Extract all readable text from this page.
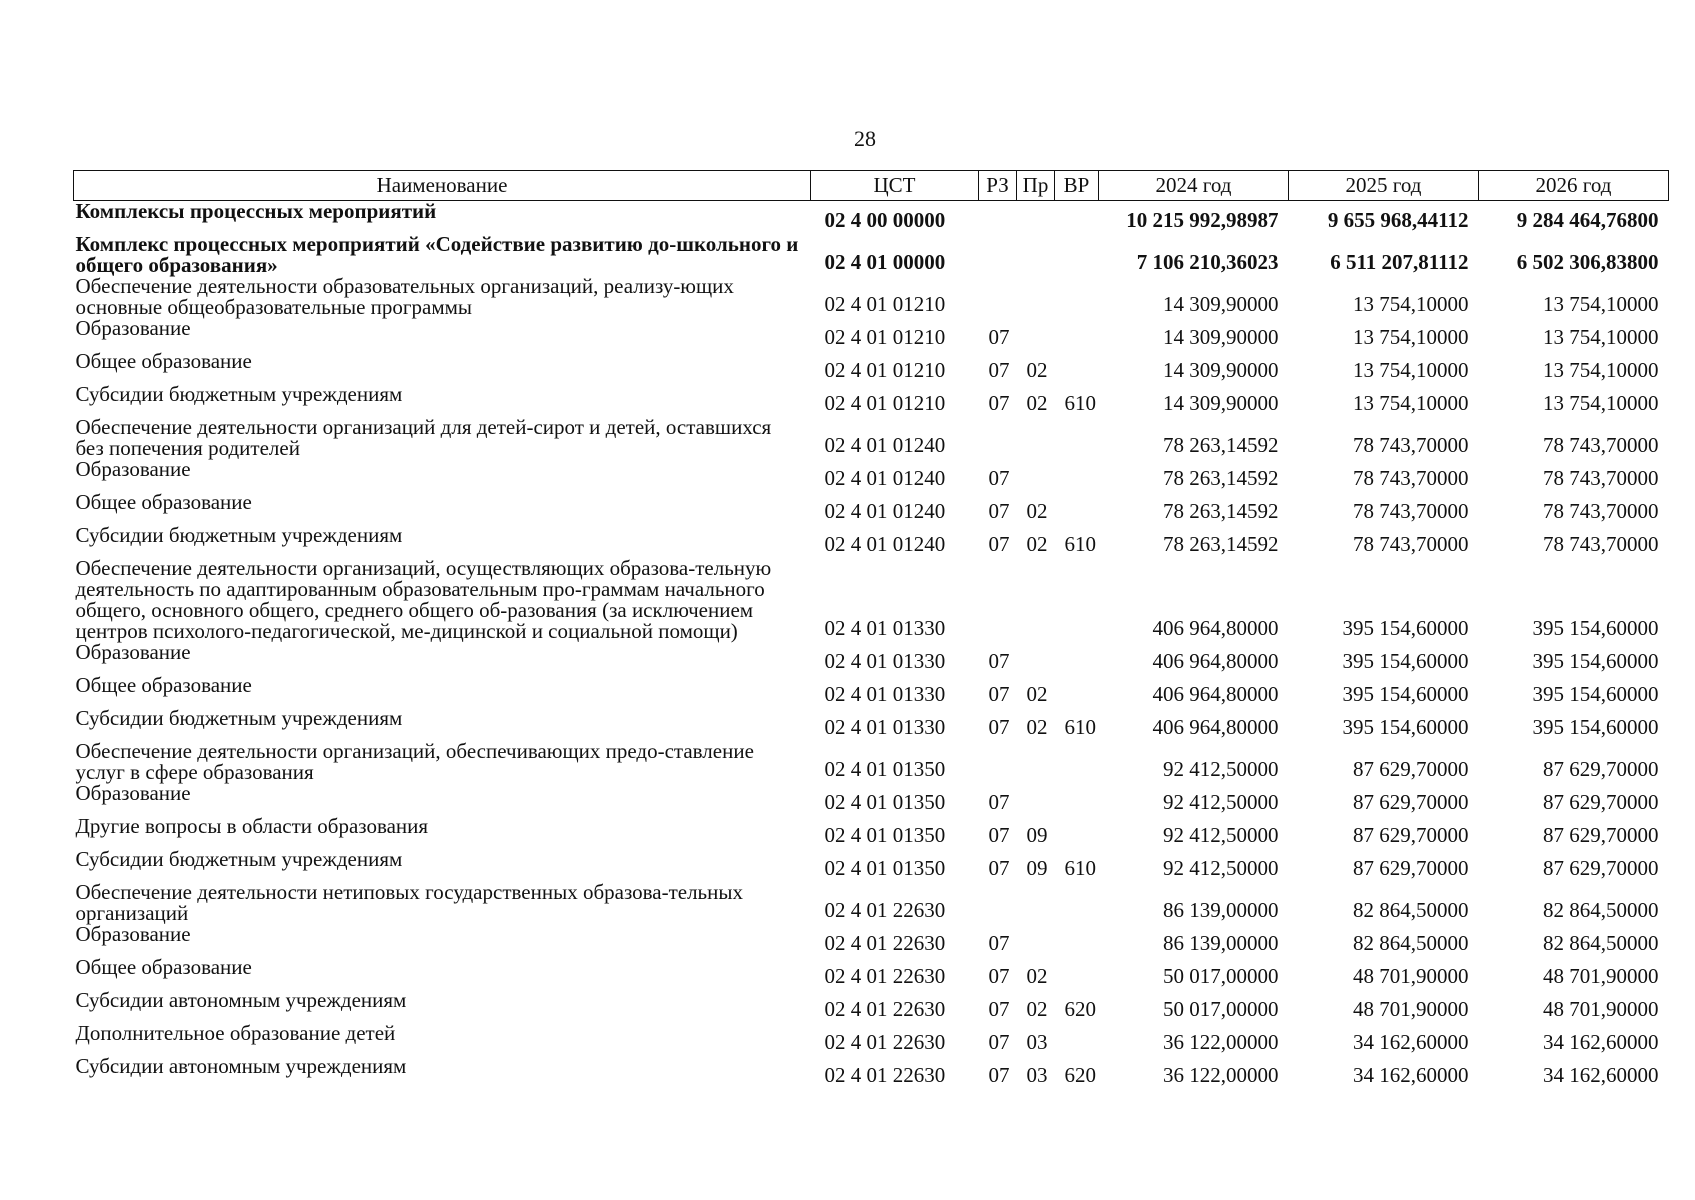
28
Наименование	ЦСТ	РЗ	Пр	ВР	2024 год	2025 год	2026 год
Комплексы процессных мероприятий	02 4 00 00000				10 215 992,98987	9 655 968,44112	9 284 464,76800
Комплекс процессных мероприятий «Содействие развитию до-школьного и общего образования»	02 4 01 00000				7 106 210,36023	6 511 207,81112	6 502 306,83800
Обеспечение деятельности образовательных организаций, реализу-ющих основные общеобразовательные программы	02 4 01 01210				14 309,90000	13 754,10000	13 754,10000
Образование	02 4 01 01210	07			14 309,90000	13 754,10000	13 754,10000
Общее образование	02 4 01 01210	07	02		14 309,90000	13 754,10000	13 754,10000
Субсидии бюджетным учреждениям	02 4 01 01210	07	02	610	14 309,90000	13 754,10000	13 754,10000
Обеспечение деятельности организаций для детей-сирот и детей, оставшихся без попечения родителей	02 4 01 01240				78 263,14592	78 743,70000	78 743,70000
Образование	02 4 01 01240	07			78 263,14592	78 743,70000	78 743,70000
Общее образование	02 4 01 01240	07	02		78 263,14592	78 743,70000	78 743,70000
Субсидии бюджетным учреждениям	02 4 01 01240	07	02	610	78 263,14592	78 743,70000	78 743,70000
Обеспечение деятельности организаций, осуществляющих образова-тельную деятельность по адаптированным образовательным про-граммам начального общего, основного общего, среднего общего об-разования (за исключением центров психолого-педагогической, ме-дицинской и социальной помощи)	02 4 01 01330				406 964,80000	395 154,60000	395 154,60000
Образование	02 4 01 01330	07			406 964,80000	395 154,60000	395 154,60000
Общее образование	02 4 01 01330	07	02		406 964,80000	395 154,60000	395 154,60000
Субсидии бюджетным учреждениям	02 4 01 01330	07	02	610	406 964,80000	395 154,60000	395 154,60000
Обеспечение деятельности организаций, обеспечивающих предо-ставление услуг в сфере образования	02 4 01 01350				92 412,50000	87 629,70000	87 629,70000
Образование	02 4 01 01350	07			92 412,50000	87 629,70000	87 629,70000
Другие вопросы в области образования	02 4 01 01350	07	09		92 412,50000	87 629,70000	87 629,70000
Субсидии бюджетным учреждениям	02 4 01 01350	07	09	610	92 412,50000	87 629,70000	87 629,70000
Обеспечение деятельности нетиповых государственных образова-тельных организаций	02 4 01 22630				86 139,00000	82 864,50000	82 864,50000
Образование	02 4 01 22630	07			86 139,00000	82 864,50000	82 864,50000
Общее образование	02 4 01 22630	07	02		50 017,00000	48 701,90000	48 701,90000
Субсидии автономным учреждениям	02 4 01 22630	07	02	620	50 017,00000	48 701,90000	48 701,90000
Дополнительное образование детей	02 4 01 22630	07	03		36 122,00000	34 162,60000	34 162,60000
Субсидии автономным учреждениям	02 4 01 22630	07	03	620	36 122,00000	34 162,60000	34 162,60000
